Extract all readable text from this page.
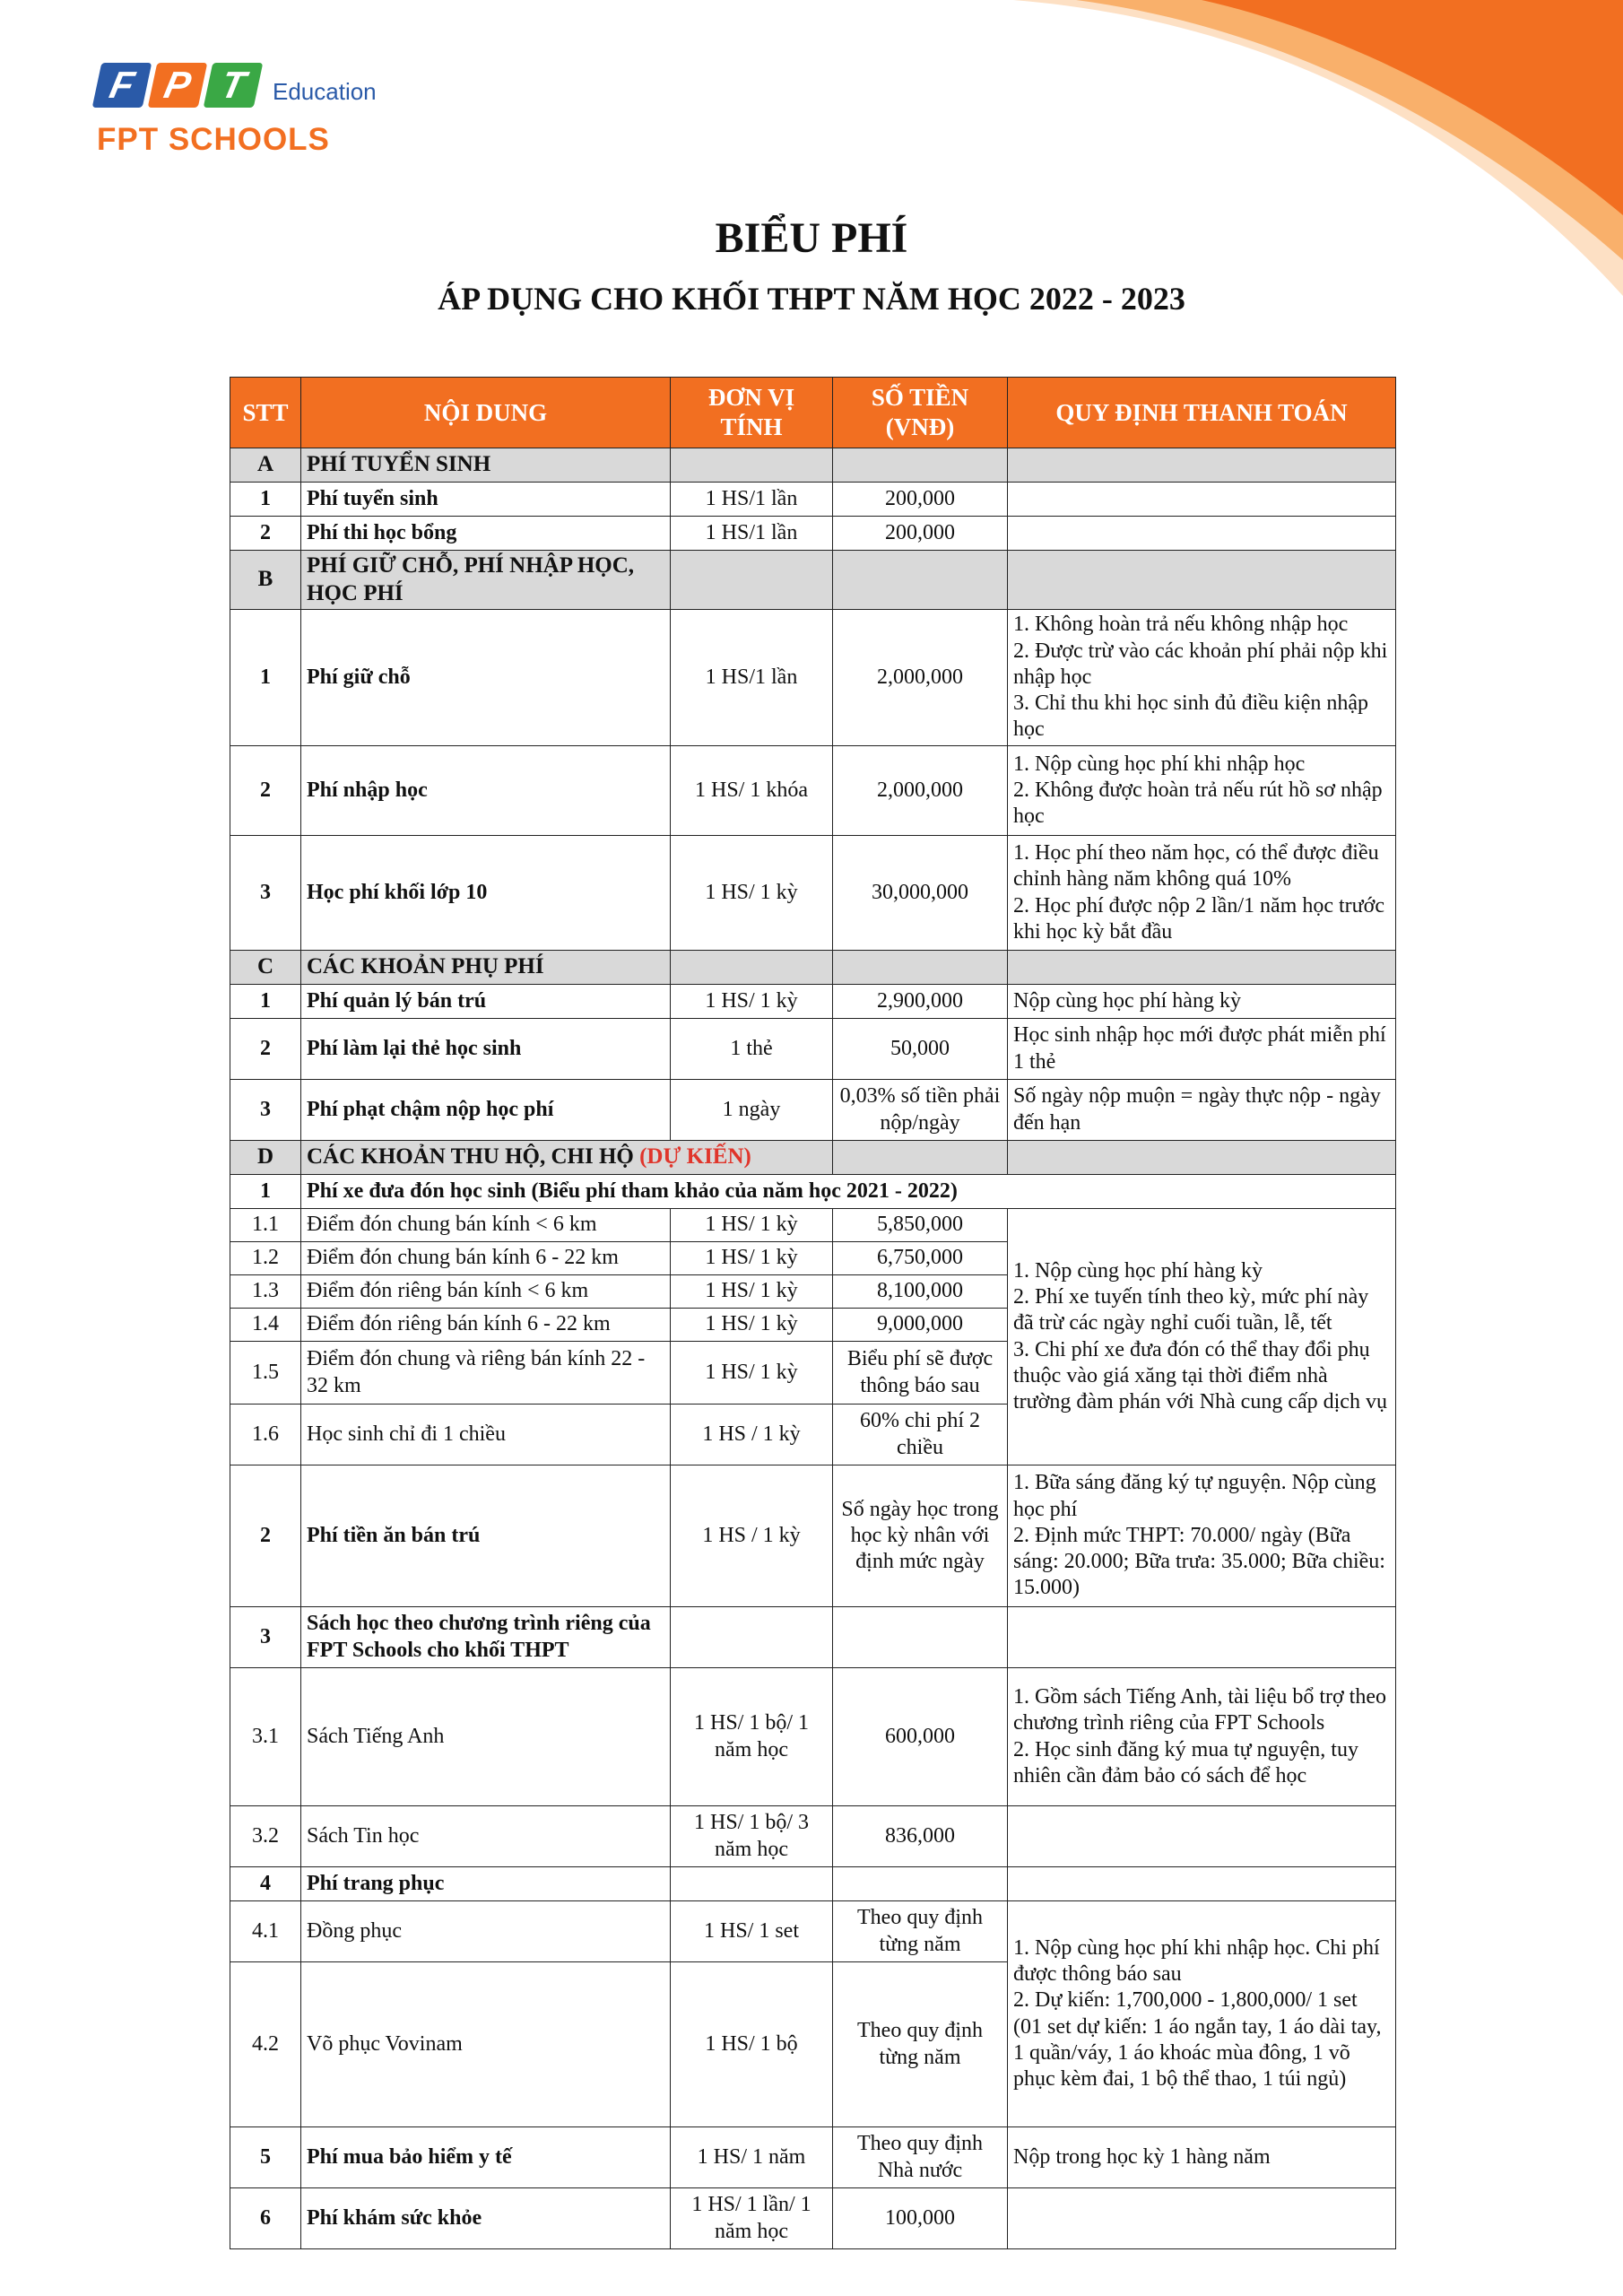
F P T	Education
FPT SCHOOLS
BIỂU PHÍ
ÁP DỤNG CHO KHỐI THPT NĂM HỌC 2022 - 2023
STT	NỘI DUNG	ĐƠN VỊ TÍNH	SỐ TIỀN (VNĐ)	QUY ĐỊNH THANH TOÁN
A	PHÍ TUYỂN SINH			
1	Phí tuyển sinh	1 HS/1 lần	200,000	
2	Phí thi học bổng	1 HS/1 lần	200,000	
B	PHÍ GIỮ CHỖ, PHÍ NHẬP HỌC, HỌC PHÍ			
1	Phí giữ chỗ	1 HS/1 lần	2,000,000	1. Không hoàn trả nếu không nhập học
2. Được trừ vào các khoản phí phải nộp khi nhập học
3. Chỉ thu khi học sinh đủ điều kiện nhập học

2	Phí nhập học	1 HS/ 1 khóa	2,000,000	1. Nộp cùng học phí khi nhập học
2. Không được hoàn trả nếu rút hồ sơ nhập học

3	Học phí khối lớp 10	1 HS/ 1 kỳ	30,000,000	1. Học phí theo năm học, có thể được điều chỉnh hàng năm không quá 10%
2. Học phí được nộp 2 lần/1 năm học trước khi học kỳ bắt đầu

C	CÁC KHOẢN PHỤ PHÍ			
1	Phí quản lý bán trú	1 HS/ 1 kỳ	2,900,000	Nộp cùng học phí hàng kỳ
2	Phí làm lại thẻ học sinh	1 thẻ	50,000	Học sinh nhập học mới được phát miễn phí 1 thẻ
3	Phí phạt chậm nộp học phí	1 ngày	0,03% số tiền phải nộp/ngày	Số ngày nộp muộn = ngày thực nộp - ngày đến hạn
D	CÁC KHOẢN THU HỘ, CHI HỘ (DỰ KIẾN)			
1	Phí xe đưa đón học sinh (Biểu phí tham khảo của năm học 2021 - 2022)			
1.1	Điểm đón chung bán kính < 6 km	1 HS/ 1 kỳ	5,850,000	1. Nộp cùng học phí hàng kỳ
2. Phí xe tuyến tính theo kỳ, mức phí này đã trừ các ngày nghỉ cuối tuần, lễ, tết
3. Chi phí xe đưa đón có thể thay đổi phụ thuộc vào giá xăng tại thời điểm nhà trường đàm phán với Nhà cung cấp dịch vụ

1.2	Điểm đón chung bán kính 6 - 22 km	1 HS/ 1 kỳ	6,750,000	
1.3	Điểm đón riêng bán kính < 6 km	1 HS/ 1 kỳ	8,100,000	
1.4	Điểm đón riêng bán kính 6 - 22 km	1 HS/ 1 kỳ	9,000,000	
1.5	Điểm đón chung và riêng bán kính 22 - 32 km	1 HS/ 1 kỳ	Biểu phí sẽ được thông báo sau	
1.6	Học sinh chỉ đi 1 chiều	1 HS / 1 kỳ	60% chi phí 2 chiều	
2	Phí tiền ăn bán trú	1 HS / 1 kỳ	Số ngày học trong học kỳ nhân với định mức ngày	1. Bữa sáng đăng ký tự nguyện. Nộp cùng học phí
2. Định mức THPT: 70.000/ ngày (Bữa sáng: 20.000; Bữa trưa: 35.000; Bữa chiều: 15.000)

3	Sách học theo chương trình riêng của FPT Schools cho khối THPT			
3.1	Sách Tiếng Anh	1 HS/ 1 bộ/ 1 năm học	600,000	1. Gồm sách Tiếng Anh, tài liệu bổ trợ theo chương trình riêng của FPT Schools
2. Học sinh đăng ký mua tự nguyện, tuy nhiên cần đảm bảo có sách để học

3.2	Sách Tin học	1 HS/ 1 bộ/ 3 năm học	836,000	
4	Phí trang phục			
4.1	Đồng phục	1 HS/ 1 set	Theo quy định từng năm	1. Nộp cùng học phí khi nhập học. Chi phí được thông báo sau
2. Dự kiến: 1,700,000 - 1,800,000/ 1 set (01 set dự kiến: 1 áo ngắn tay, 1 áo dài tay, 1 quần/váy, 1 áo khoác mùa đông, 1 võ phục kèm đai, 1 bộ thể thao, 1 túi ngủ)

4.2	Võ phục Vovinam	1 HS/ 1 bộ	Theo quy định từng năm	
5	Phí mua bảo hiểm y tế	1 HS/ 1 năm	Theo quy định Nhà nước	Nộp trong học kỳ 1 hàng năm
6	Phí khám sức khỏe	1 HS/ 1 lần/ 1 năm học	100,000	
